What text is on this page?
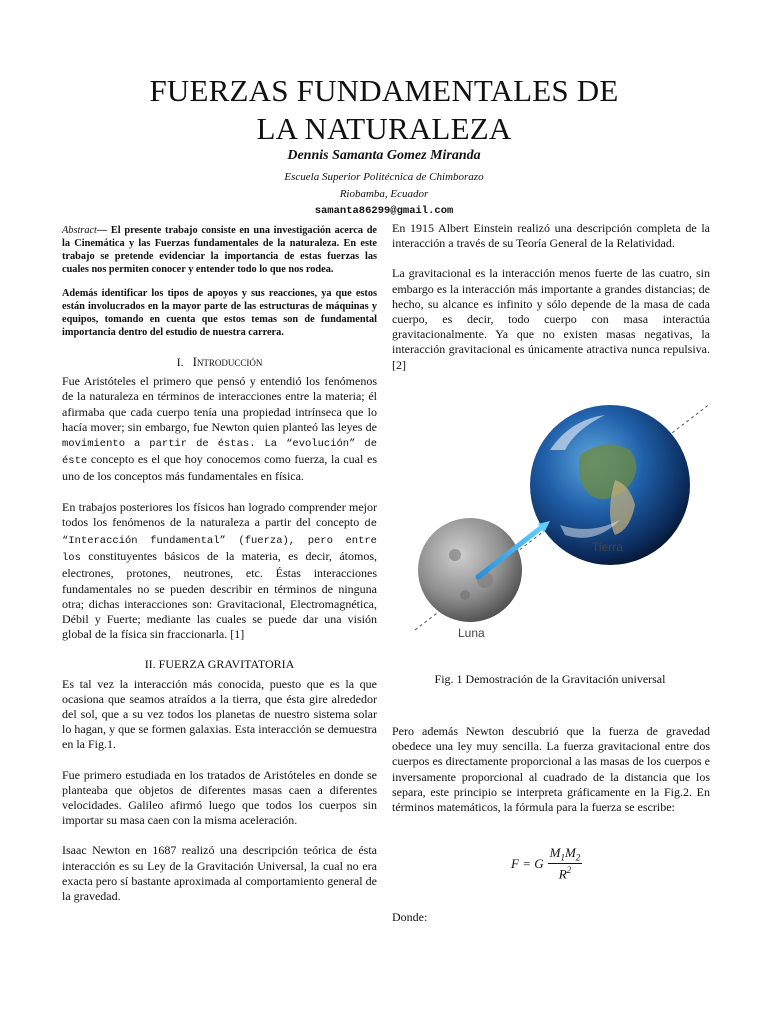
FUERZAS FUNDAMENTALES DE
LA NATURALEZA
Dennis Samanta Gomez Miranda
Escuela Superior Politécnica de Chimborazo
Riobamba, Ecuador
samanta86299@gmail.com

Abstract— El presente trabajo consiste en una investigación acerca de la Cinemática y las Fuerzas fundamentales de la naturaleza. En este trabajo se pretende evidenciar la importancia de estas fuerzas las cuales nos permiten conocer y entender todo lo que nos rodea.

Además identificar los tipos de apoyos y sus reacciones, ya que estos están involucrados en la mayor parte de las estructuras de máquinas y equipos, tomando en cuenta que estos temas son de fundamental importancia dentro del estudio de nuestra carrera.

I. Introducción

Fue Aristóteles el primero que pensó y entendió los fenómenos de la naturaleza en términos de interacciones entre la materia; él afirmaba que cada cuerpo tenía una propiedad intrínseca que lo hacía mover; sin embargo, fue Newton quien planteó las leyes de movimiento a partir de éstas. La “evolución” de éste concepto es el que hoy conocemos como fuerza, la cual es uno de los conceptos más fundamentales en física.

En trabajos posteriores los físicos han logrado comprender mejor todos los fenómenos de la naturaleza a partir del concepto de “Interacción fundamental” (fuerza), pero entre los constituyentes básicos de la materia, es decir, átomos, electrones, protones, neutrones, etc. Éstas interacciones fundamentales no se pueden describir en términos de ninguna otra; dichas interacciones son: Gravitacional, Electromagnética, Débil y Fuerte; mediante las cuales se puede dar una visión global de la física sin fraccionarla. [1]

II. FUERZA GRAVITATORIA

Es tal vez la interacción más conocida, puesto que es la que ocasiona que seamos atraídos a la tierra, que ésta gire alrededor del sol, que a su vez todos los planetas de nuestro sistema solar lo hagan, y que se formen galaxias. Esta interacción se demuestra en la Fig.1.

Fue primero estudiada en los tratados de Aristóteles en donde se planteaba que objetos de diferentes masas caen a diferentes velocidades. Galileo afirmó luego que todos los cuerpos sin importar su masa caen con la misma aceleración.

Isaac Newton en 1687 realizó una descripción teórica de ésta interacción es su Ley de la Gravitación Universal, la cual no era exacta pero sí bastante aproximada al comportamiento general de la gravedad.

En 1915 Albert Einstein realizó una descripción completa de la interacción a través de su Teoría General de la Relatividad.

La gravitacional es la interacción menos fuerte de las cuatro, sin embargo es la interacción más importante a grandes distancias; de hecho, su alcance es infinito y sólo depende de la masa de cada cuerpo, es decir, todo cuerpo con masa interactúa gravitacionalmente. Ya que no existen masas negativas, la interacción gravitacional es únicamente atractiva nunca repulsiva.[2]

Tierra
Luna
Fig. 1 Demostración de la Gravitación universal

Pero además Newton descubrió que la fuerza de gravedad obedece una ley muy sencilla. La fuerza gravitacional entre dos cuerpos es directamente proporcional a las masas de los cuerpos e inversamente proporcional al cuadrado de la distancia que los separa, este principio se interpreta gráficamente en la Fig.2. En términos matemáticos, la fórmula para la fuerza se escribe:

F = G	$M_1M_2$
$R^2$
Donde:
